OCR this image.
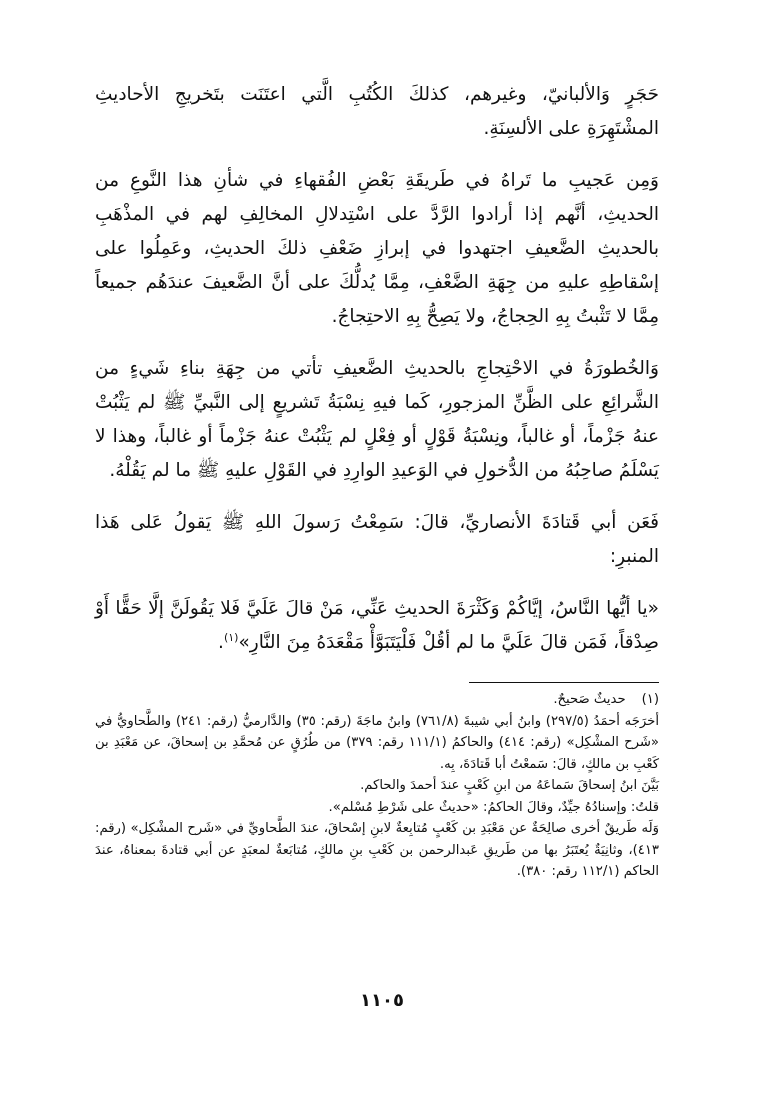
حَجَرٍ وَالألبانيّ، وغيرهم، كذلكَ الكُتُبِ الَّتي اعتَنَت بتَخريجِ الأحاديثِ المشْتَهِرَةِ على الألسِنَةِ.

وَمِن عَجيبِ ما تَراهُ في طَريقَةِ بَعْضِ الفُقهاءِ في شأنِ هذا النَّوعِ من الحديثِ، أنَّهم إذا أرادوا الرَّدَّ على اسْتِدلالِ المخالِفِ لهم في المذْهَبِ بالحديثِ الضَّعيفِ اجتهدوا في إبرازِ ضَعْفِ ذلكَ الحديثِ، وعَمِلُوا على إسْقاطِهِ عليهِ من جِهَةِ الضَّعْفِ، مِمَّا يُدلُّكَ على أنَّ الضَّعيفَ عندَهُم جميعاً مِمَّا لا تَثْبتُ بِهِ الحِجاجُ، ولا يَصِحُّ بِهِ الاحتِجاجُ.

وَالخُطورَةُ في الاحْتِجاجِ بالحديثِ الضَّعيفِ تأتي من جِهَةِ بناءِ شَيءٍ من الشَّرائِعِ على الظَّنِّ المزجورِ، كَما فيهِ نِسْبَةُ تَشريعٍ إلى النَّبيِّ ﷺ لم يَثْبُتْ عنهُ جَزْماً، أو غالباً، ونِسْبَةُ قَوْلٍ أو فِعْلٍ لم يَثْبُتْ عنهُ جَزْماً أو غالباً، وهذا لا يَسْلَمُ صاحِبُهُ من الدُّخولِ في الوَعيدِ الوارِدِ في القَوْلِ عليهِ ﷺ ما لم يَقُلْهُ.

فَعَن أبي قَتادَةَ الأنصاريِّ، قالَ: سَمِعْتُ رَسولَ اللهِ ﷺ يَقولُ عَلى هَذا المنبرِ:

«يا أيُّها النَّاسُ، إيَّاكُمْ وَكَثْرَةَ الحديثِ عَنِّي، مَنْ قالَ عَلَيَّ فَلا يَقُولَنَّ إلَّا حَقًّا أَوْ صِدْقاً، فَمَن قالَ عَلَيَّ ما لم أقُلْ فَلْيَتَبَوَّأْ مَقْعَدَهُ مِنَ النَّارِ»$^{(١)}$.

(١)
حديثٌ صَحيحٌ.

أخرَجَه أحمَدُ (٢٩٧/٥) وابنُ أبي شيبةَ (٧٦١/٨) وابنُ ماجَةَ (رقم: ٣٥) والدَّارميُّ (رقم: ٢٤١) والطَّحاويُّ في «شَرح المشْكِل» (رقم: ٤١٤) والحاكمُ (١١١/١ رقم: ٣٧٩) من طُرُقٍ عن مُحمَّدِ بن إسحاقَ، عن مَعْبَدِ بن كَعْبِ بن مالكٍ، قالَ: سَمعْتُ أبا قَتادَةَ، بِه.

بَيَّنَ ابنُ إسحاقَ سَماعَهُ من ابنِ كَعْبٍ عندَ أحمدَ والحاكم.

قلتُ: وإسنادُهُ جيِّدٌ، وقالَ الحاكمُ: «حديثٌ على شَرْطِ مُسْلم».

وَلَه طَريقٌ أخرى صالِحَةٌ عن مَعْبَدِ بن كَعْبٍ مُتابِعةٌ لابنِ إسْحاقَ، عندَ الطَّحاويِّ في «شَرح المشْكِل» (رقم: ٤١٣)، وثانِيَةٌ يُعتَبَرُ بها من طَريقِ عَبدالرحمن بن كَعْبِ بنِ مالكٍ، مُتابَعةٌ لمعبَدٍ عن أبي قتادةَ بمعناهُ، عندَ الحاكم (١١٢/١ رقم: ٣٨٠).

١١٠٥
